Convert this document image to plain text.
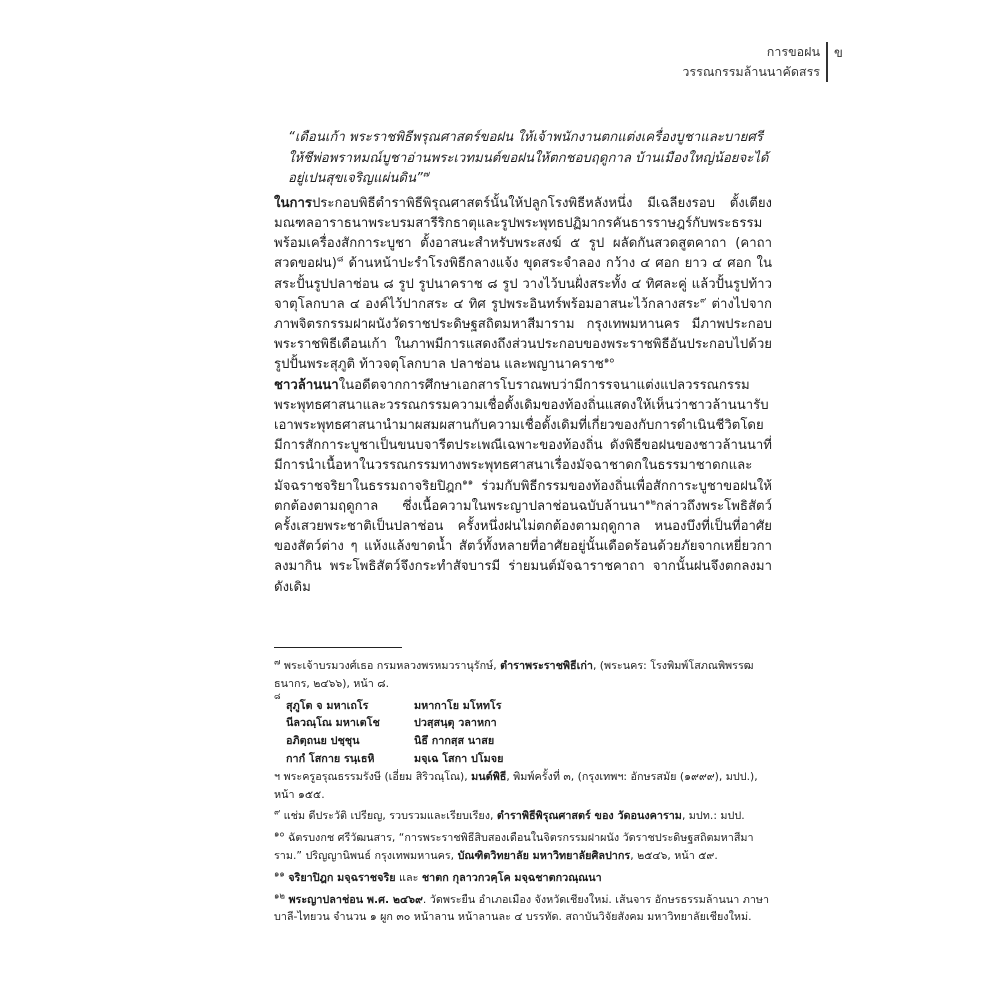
การขอฝน
วรรณกรรมล้านนาคัดสรร
ข

“เดือนเก้า พระราชพิธีพรุณศาสตร์ขอฝน ให้เจ้าพนักงานตกแต่งเครื่องบูชาและบายศรี ให้ชีพ่อพราหมณ์บูชาอ่านพระเวทมนต์ขอฝนให้ตกชอบฤดูกาล บ้านเมืองใหญ่น้อยจะได้อยู่เปนสุขเจริญแผ่นดิน”$^๗$

ในการประกอบพิธีตำราพิธีพิรุณศาสตร์นั้นให้ปลูกโรงพิธีหลังหนึ่ง มีเฉลียงรอบ ตั้งเตียงมณฑลอาราธนาพระบรมสารีริกธาตุและรูปพระพุทธปฏิมากรคันธารราษฎร์กับพระธรรมพร้อมเครื่องสักการะบูชา ตั้งอาสนะสำหรับพระสงฆ์ ๕ รูป ผลัดกันสวดสูตคาถา (คาถาสวดขอฝน)$^๘$ ด้านหน้าปะรำโรงพิธีกลางแจ้ง ขุดสระจำลอง กว้าง ๔ ศอก ยาว ๔ ศอก ในสระปั้นรูปปลาช่อน ๘ รูป รูปนาคราช ๘ รูป วางไว้บนฝั่งสระทั้ง ๔ ทิศละคู่ แล้วปั้นรูปท้าวจาตุโลกบาล ๔ องค์ไว้ปากสระ ๔ ทิศ รูปพระอินทร์พร้อมอาสนะไว้กลางสระ$^๙$ ต่างไปจากภาพจิตรกรรมฝาผนังวัดราชประดิษฐสถิตมหาสีมาราม กรุงเทพมหานคร มีภาพประกอบพระราชพิธีเดือนเก้า ในภาพมีการแสดงถึงส่วนประกอบของพระราชพิธีอันประกอบไปด้วย รูปปั้นพระสุภูติ ท้าวจตุโลกบาล ปลาช่อน และพญานาคราช$^{๑๐}$

ชาวล้านนาในอดีตจากการศึกษาเอกสารโบราณพบว่ามีการรจนาแต่งแปลวรรณกรรมพระพุทธศาสนาและวรรณกรรมความเชื่อดั้งเดิมของท้องถิ่นแสดงให้เห็นว่าชาวล้านนารับเอาพระพุทธศาสนานำมาผสมผสานกับความเชื่อดั้งเดิมที่เกี่ยวของกับการดำเนินชีวิตโดยมีการสักการะบูชาเป็นขนบจารีตประเพณีเฉพาะของท้องถิ่น ดังพิธีขอฝนของชาวล้านนาที่มีการนำเนื้อหาในวรรณกรรมทางพระพุทธศาสนาเรื่องมัจฉาชาดกในธรรมาชาดกและมัจฉราชจริยาในธรรมถาจริยปิฎก$^{๑๑}$ ร่วมกับพิธีกรรมของท้องถิ่นเพื่อสักการะบูชาขอฝนให้ตกต้องตามฤดูกาล ซึ่งเนื้อความในพระญาปลาช่อนฉบับล้านนา$^{๑๒}$กล่าวถึงพระโพธิสัตว์ครั้งเสวยพระชาติเป็นปลาช่อน ครั้งหนึ่งฝนไม่ตกต้องตามฤดูกาล หนองบึงที่เป็นที่อาศัยของสัตว์ต่าง ๆ แห้งแล้งขาดน้ำ สัตว์ทั้งหลายที่อาศัยอยู่นั้นเดือดร้อนด้วยภัยจากเหยี่ยวกาลงมากิน พระโพธิสัตว์จึงกระทำสัจบารมี ร่ายมนต์มัจฉาราชคาถา จากนั้นฝนจึงตกลงมาดังเดิม

$^๗$ พระเจ้าบรมวงศ์เธอ กรมหลวงพรหมวรานุรักษ์, ตำราพระราชพิธีเก่า, (พระนคร: โรงพิมพ์โสภณพิพรรฒธนากร, ๒๔๖๖), หน้า ๘.
๘
สุภูโต จ มหาเถโร	มหากาโย มโหทโร
นีลวณฺโณ มหาเตโช	ปวสฺสนฺตุ วลาหกา
อภิตฺถนย ปชฺชุน	นิธึ กากสฺส นาสย
กากํ โสกาย รนฺเธหิ	มจฺเฉ โสกา ปโมจย
ฯ พระครูอรุณธรรมรังษี (เอี่ยม สิริวณฺโณ), มนต์พิธี, พิมพ์ครั้งที่ ๓, (กรุงเทพฯ: อักษรสมัย (๑๙๙๙), มปป.), หน้า ๑๕๕.
$^๙$ แช่ม ดีประวัติ เปรียญ, รวบรวมและเรียบเรียง, ตำราพิธีพิรุณศาสตร์ ของ วัดอนงคาราม, มปท.: มปป.
$^{๑๐}$ ฉัตรบงกช ศรีวัฒนสาร, “การพระราชพิธีสิบสองเดือนในจิตรกรรมฝาผนัง วัดราชประดิษฐสถิตมหาสีมาราม.” ปริญญานิพนธ์ กรุงเทพมหานคร, บัณฑิตวิทยาลัย มหาวิทยาลัยศิลปากร, ๒๕๔๖, หน้า ๕๙.
$^{๑๑}$ จริยาปิฎก มจฺฉราชจริย และ ชาตก กุลาวกวคฺโค มจฺฉชาตกวณฺณนา
$^{๑๒}$ พระญาปลาช่อน พ.ศ. ๒๔๖๙. วัดพระยืน อำเภอเมือง จังหวัดเชียงใหม่. เส้นจาร อักษรธรรมล้านนา ภาษาบาลี-ไทยวน จำนวน ๑ ผูก ๓๐ หน้าลาน หน้าลานละ ๔ บรรทัด. สถาบันวิจัยสังคม มหาวิทยาลัยเชียงใหม่.
